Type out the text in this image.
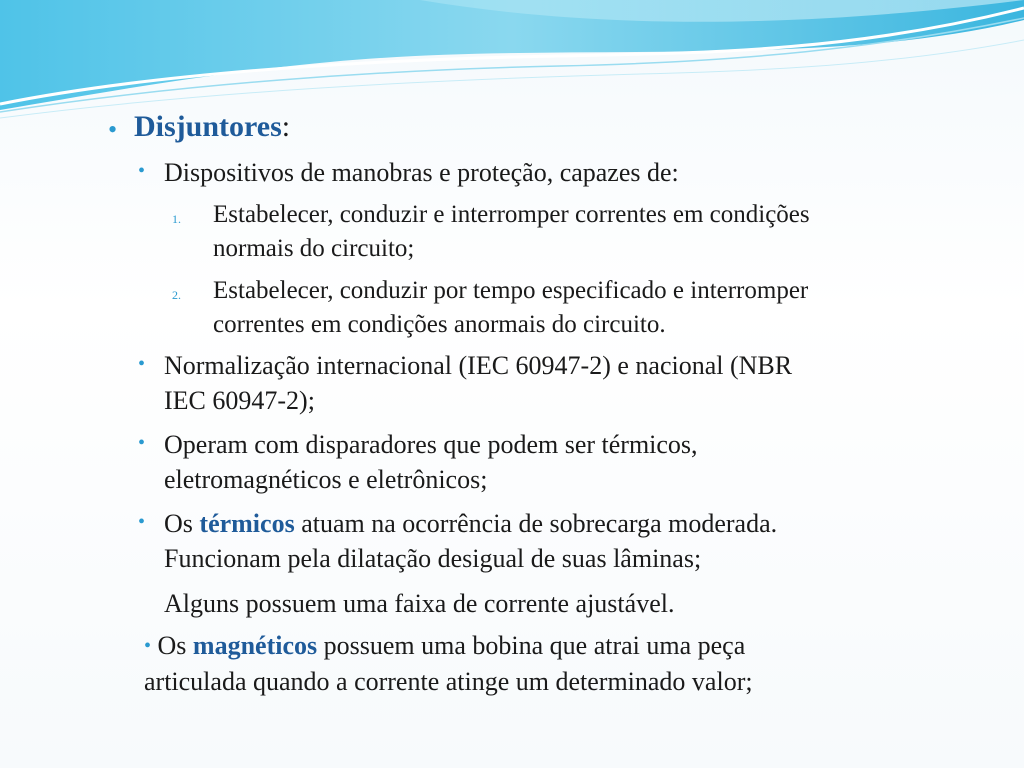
• Disjuntores:
• Dispositivos de manobras e proteção, capazes de:
1. Estabelecer, conduzir e interromper correntes em condições
normais do circuito;
2. Estabelecer, conduzir por tempo especificado e interromper
correntes em condições anormais do circuito.
• Normalização internacional (IEC 60947-2) e nacional (NBR
IEC 60947-2);
• Operam com disparadores que podem ser térmicos,
eletromagnéticos e eletrônicos;
• Os térmicos atuam na ocorrência de sobrecarga moderada.
Funcionam pela dilatação desigual de suas lâminas;
Alguns possuem uma faixa de corrente ajustável.
• Os magnéticos possuem uma bobina que atrai uma peça
articulada quando a corrente atinge um determinado valor;
